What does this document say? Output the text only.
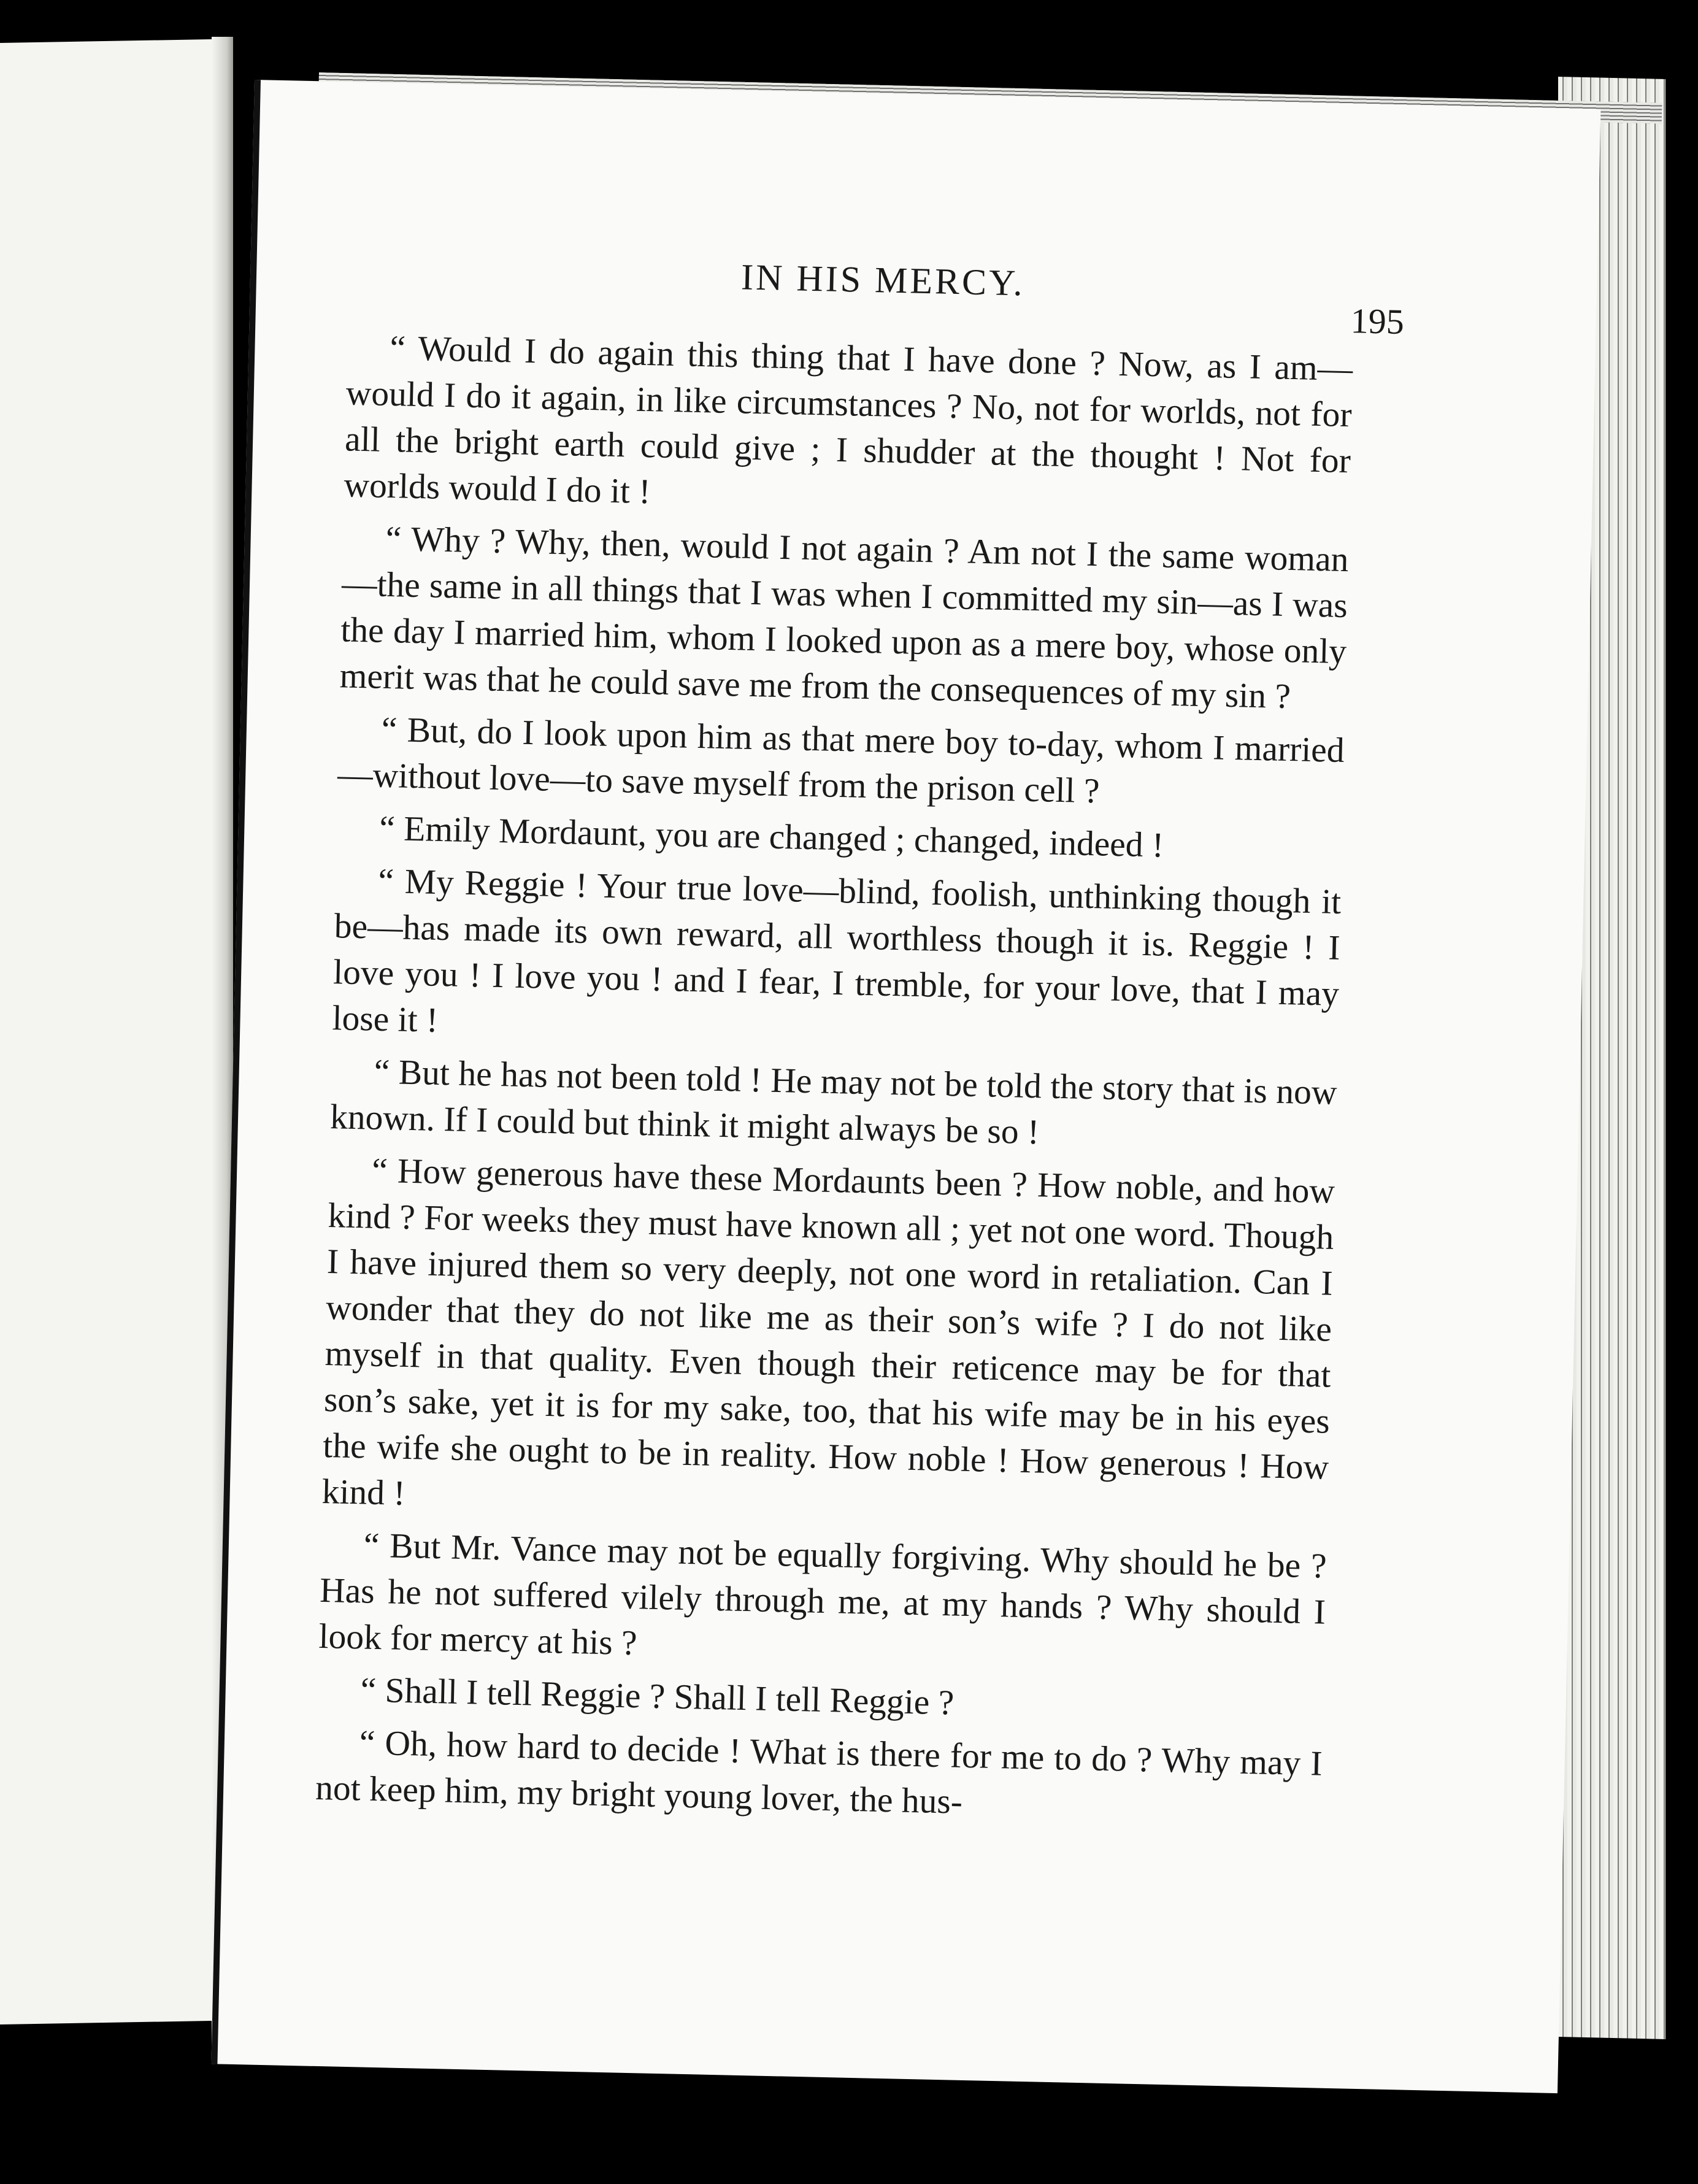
IN HIS MERCY.
195

“ Would I do again this thing that I have done ? Now, as I am—would I do it again, in like circumstances ? No, not for worlds, not for all the bright earth could give ; I shudder at the thought ! Not for worlds would I do it !

“ Why ? Why, then, would I not again ? Am not I the same woman—the same in all things that I was when I committed my sin—as I was the day I married him, whom I looked upon as a mere boy, whose only merit was that he could save me from the consequences of my sin ?

“ But, do I look upon him as that mere boy to-day, whom I married—without love—to save myself from the prison cell ?

“ Emily Mordaunt, you are changed ; changed, indeed !

“ My Reggie ! Your true love—blind, foolish, unthinking though it be—has made its own reward, all worthless though it is. Reggie ! I love you ! I love you ! and I fear, I tremble, for your love, that I may lose it !

“ But he has not been told ! He may not be told the story that is now known. If I could but think it might always be so !

“ How generous have these Mordaunts been ? How noble, and how kind ? For weeks they must have known all ; yet not one word. Though I have injured them so very deeply, not one word in retaliation. Can I wonder that they do not like me as their son’s wife ? I do not like myself in that quality. Even though their reticence may be for that son’s sake, yet it is for my sake, too, that his wife may be in his eyes the wife she ought to be in reality. How noble ! How generous ! How kind !

“ But Mr. Vance may not be equally forgiving. Why should he be ? Has he not suffered vilely through me, at my hands ? Why should I look for mercy at his ?

“ Shall I tell Reggie ? Shall I tell Reggie ?

“ Oh, how hard to decide ! What is there for me to do ? Why may I not keep him, my bright young lover, the hus-
